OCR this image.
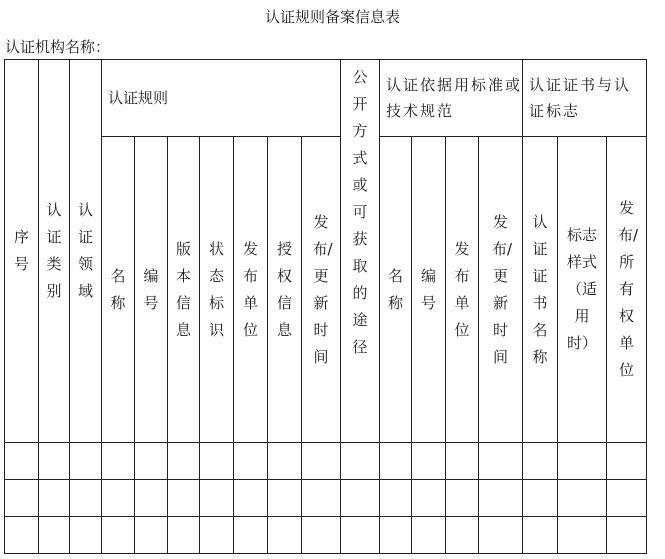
认证规则备案信息表
认证机构名称：
序号	认证类别	认证领域	认证规则							公开方式或可获取的途径	认证依据用标准或技术规范				认证证书与认证标志		
			名称	编号	版本信息	状态标识	发布单位	授权信息	发布/更新时间		名称	编号	发布单位	发布/更新时间	认证证书名称	标志样式（适用时）	发布/所有权单位
